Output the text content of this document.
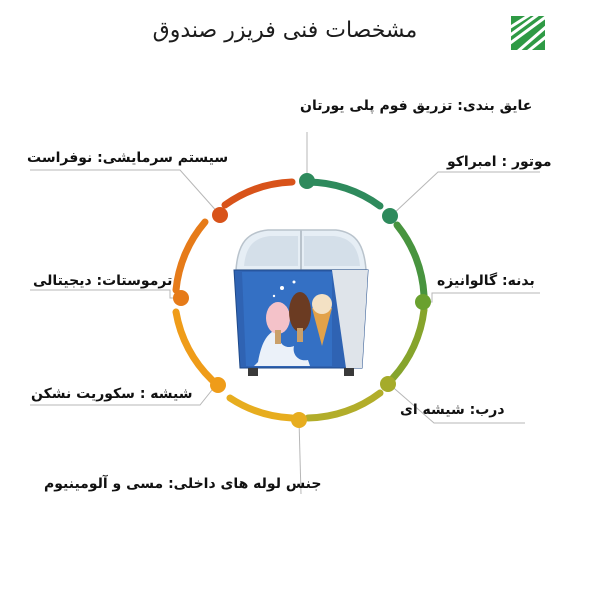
مشخصات فنی فریزر صندوق
عایق بندی: تزریق فوم پلی یورتان
موتور : امبراکو
بدنه: گالوانیزه
درب: شیشه ای
جنس لوله های داخلی: مسی و آلومینیوم
شیشه : سکوریت نشکن
ترموستات: دیجیتالی
سیستم سرمایشی: نوفراست
